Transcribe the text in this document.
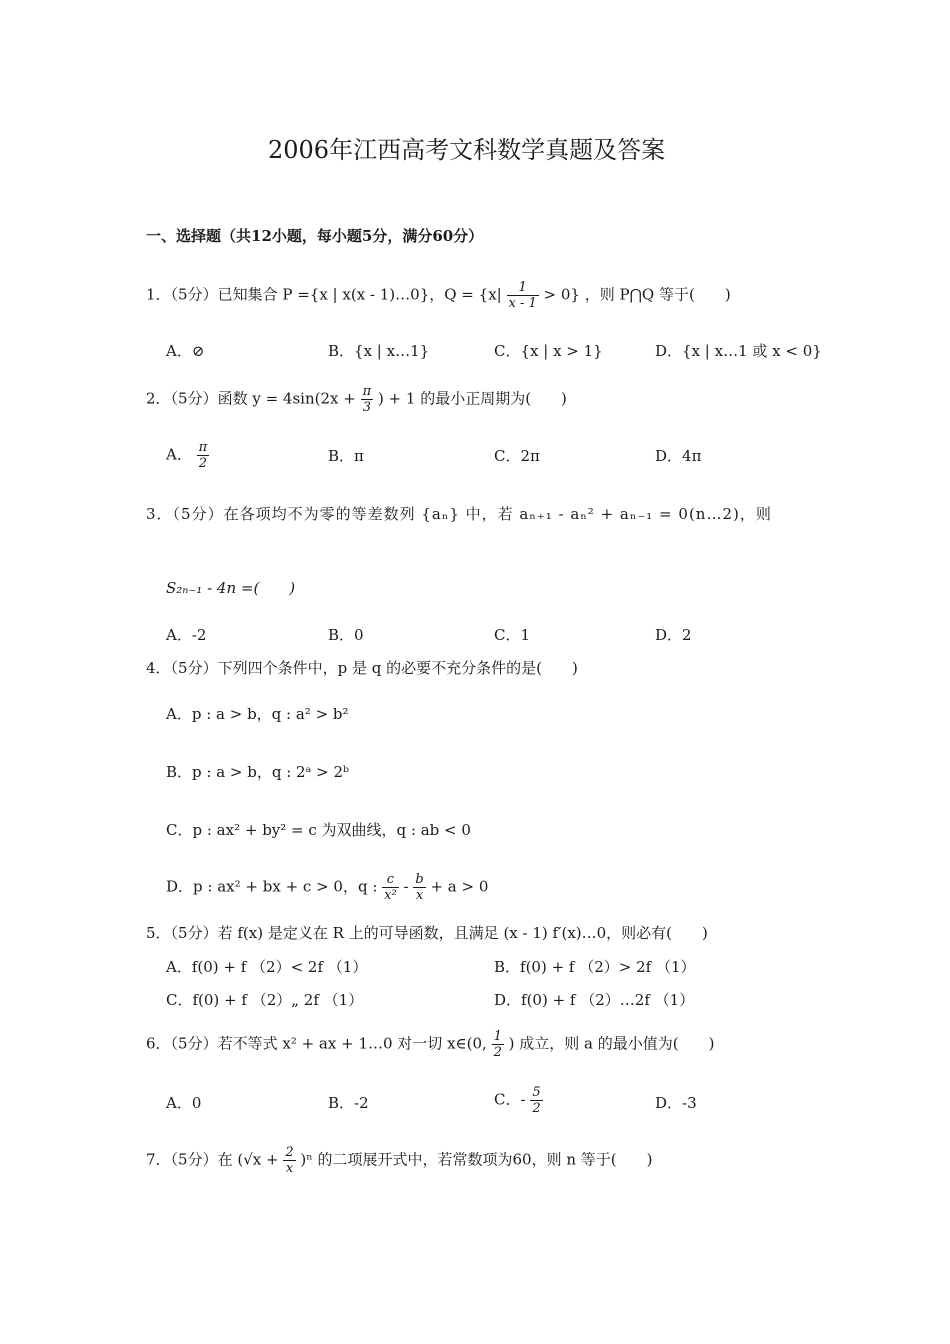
2006年江西高考文科数学真题及答案
一、选择题（共12小题，每小题5分，满分60分）
1．（5分）已知集合 P ={x | x(x - 1)…0}，$Q = \{x| \frac{1}{x - 1} > 0\}$ ，则 P⋂Q 等于(　　)
A．⊘	B．{x | x…1}	C．{x | x > 1}	D．{x | x…1 或 x < 0}
2．（5分）函数 $y = 4\sin(2x + \frac{\pi}{3}$ ) + 1 的最小正周期为(　　)
A． $\frac{\pi}{2}$	B．π	C．2π	D．4π
3．（5分）在各项均不为零的等差数列 {aₙ} 中，若 aₙ₊₁ - aₙ² + aₙ₋₁ = 0(n…2)，则
S₂ₙ₋₁ - 4n =(　　)
A．-2	B．0	C．1	D．2
4．（5分）下列四个条件中，p 是 q 的必要不充分条件的是(　　)
A．p : a > b，q : a² > b²
B．p : a > b，q : 2ᵃ > 2ᵇ
C．p : ax² + by² = c 为双曲线，q : ab < 0
D．p : ax² + bx + c > 0，q : $\frac{c}{\text{x²}} - \frac{b}{x} + a > 0$
5．（5分）若 f(x) 是定义在 R 上的可导函数，且满足 (x - 1) f′(x)…0，则必有(　　)
A．f(0) + f （2）< 2f （1）	B．f(0) + f （2）> 2f （1）
C．f(0) + f （2）„ 2f （1）	D．f(0) + f （2）…2f （1）
6．（5分）若不等式 x² + ax + 1…0 对一切 x∈(0, $\frac{1}{2}$ ) 成立，则 a 的最小值为(　　)
A．0	B．-2	C．- $\frac{5}{2}$	D．-3
7．（5分）在 $(√x + \frac{2}{x} )^n$ 的二项展开式中，若常数项为60，则 n 等于(　　)
